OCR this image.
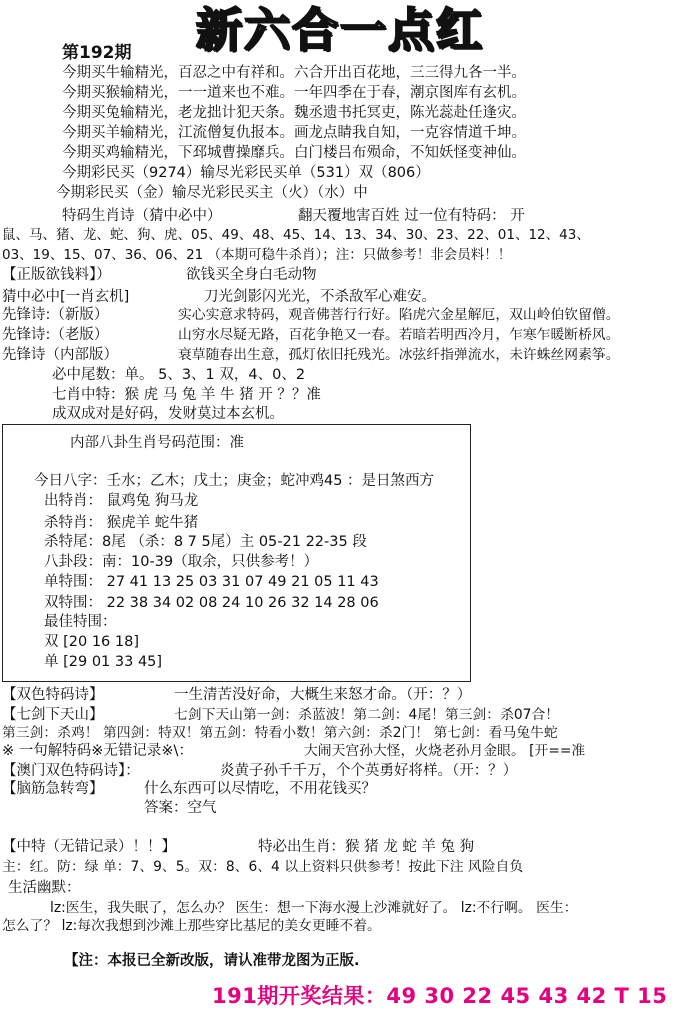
新六合一点红
第192期
今期买牛输精光，百忍之中有祥和。六合开出百花地，三三得九各一半。
今期买猴输精光，一一道来也不难。一年四季在于春，潮京图库有玄机。
今期买兔输精光，老龙拙计犯天条。魏丞遗书托冥吏，陈光蕊赴任逢灾。
今期买羊输精光，江流僧复仇报本。画龙点睛我自知，一克容情道千坤。
今期买鸡输精光，下邳城曹操靡兵。白门楼吕布殒命，不知妖怪变神仙。
今期彩民买（9274）输尽光彩民买单（531）双（806）
今期彩民买（金）输尽光彩民买主（火）（水）中
特码生肖诗（猜中必中）	翻天覆地害百姓 过一位有特码： 开
鼠、马、猪、龙、蛇、狗、虎、05、49、48、45、14、13、34、30、23、22、01、12、43、
03、19、15、07、36、06、21 （本期可稳牛杀肖）；注：只做参考！非会员料！！
【正版欲钱料】）	欲钱买全身白毛动物
猜中必中[一肖玄机]	刀光剑影闪光光，不杀敌军心难安。
先锋诗:（新版）	实心实意求特码，观音佛菩行行好。陷虎穴金星解厄，双山岭伯钦留僧。
先锋诗:（老版）	山穷水尽疑无路，百花争艳又一春。若暗若明西冷月，乍寒乍暖断桥风。
先锋诗（内部版）	衰草随春出生意，孤灯依旧托残光。冰弦纤指弹流水，未许蛛丝网素筝。
必中尾数：单。 5、3、1 双，4、0、2
七肖中特：猴 虎 马 兔 羊 牛 猪 开 ？？准
成双成对是好码，发财莫过本玄机。
内部八卦生肖号码范围：准
今日八字：壬水；乙木；戊土；庚金；蛇冲鸡45 ：是日煞西方
出特肖： 鼠鸡兔 狗马龙
杀特肖： 猴虎羊 蛇牛猪
杀特尾：8尾 （杀：8 7 5尾）主 05-21 22-35 段
八卦段：南：10-39（取余，只供参考！）
单特围： 27 41 13 25 03 31 07 49 21 05 11 43
双特围： 22 38 34 02 08 24 10 26 32 14 28 06
最佳特围：
双 [20 16 18]
单 [29 01 33 45]
【双色特码诗】	一生清苦没好命，大概生来怒才命。（开：？）
【七剑下天山】	七剑下天山第一剑：杀蓝波！第二剑：4尾！第三剑：杀07合！
第三剑：杀鸡！ 第四剑：特双！第五剑：特看小数！第六剑：杀2门！ 第七剑：看马兔牛蛇
※ 一句解特码※无错记录※\：	大闹天宫孙大怪，火烧老孙月金眼。 [开==准
【澳门双色特码诗】：	炎黄子孙千千万，个个英勇好将样。（开：？）
【脑筋急转弯】	什么东西可以尽情吃，不用花钱买？
答案：空气
【中特（无错记录）！！】	特必出生肖：猴 猪 龙 蛇 羊 兔 狗
主：红。防：绿 单：7、9、5。双：8、6、4 以上资料只供参考！按此下注 风险自负
生活幽默：
lz:医生，我失眠了，怎么办？ 医生：想一下海水漫上沙滩就好了。 lz:不行啊。 医生：
怎么了？ lz:每次我想到沙滩上那些穿比基尼的美女更睡不着。
【注：本报已全新改版，请认准带龙图为正版.
191期开奖结果：49 30 22 45 43 42 T 15
